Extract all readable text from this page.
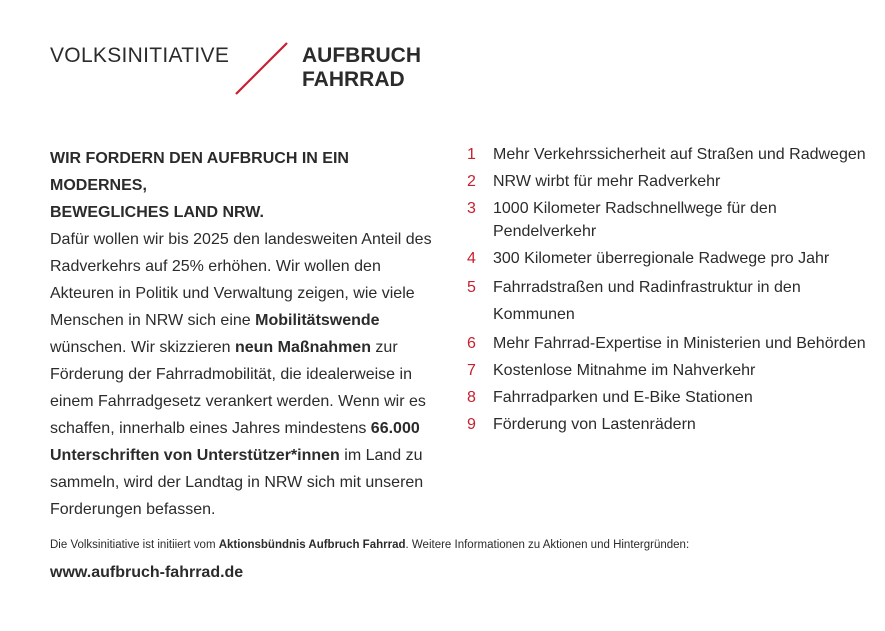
VOLKSINITIATIVE	AUFBRUCH
FAHRRAD
WIR FORDERN DEN AUFBRUCH IN EIN MODERNES,
BEWEGLICHES LAND NRW.

Dafür wollen wir bis 2025 den landesweiten Anteil des Radverkehrs auf 25% erhöhen. Wir wollen den Akteuren in Politik und Verwaltung zeigen, wie viele Menschen in NRW sich eine Mobilitätswende wünschen. Wir skizzieren neun Maßnahmen zur Förderung der Fahrradmobilität, die idealerweise in einem Fahrradgesetz verankert werden. Wenn wir es schaffen, innerhalb eines Jahres mindestens 66.000 Unterschriften von Unterstützer*innen im Land zu sammeln, wird der Landtag in NRW sich mit unseren Forderungen befassen.

1	Mehr Verkehrssicherheit auf Straßen und Radwegen
2	NRW wirbt für mehr Radverkehr
3	1000 Kilometer Radschnellwege für den Pendelverkehr
4	300 Kilometer überregionale Radwege pro Jahr
5	Fahrradstraßen und Radinfrastruktur in den Kommunen
6	Mehr Fahrrad-Expertise in Ministerien und Behörden
7	Kostenlose Mitnahme im Nahverkehr
8	Fahrradparken und E-Bike Stationen
9	Förderung von Lastenrädern
Die Volksinitiative ist initiiert vom Aktionsbündnis Aufbruch Fahrrad. Weitere Informationen zu Aktionen und Hintergründen:
www.aufbruch-fahrrad.de
